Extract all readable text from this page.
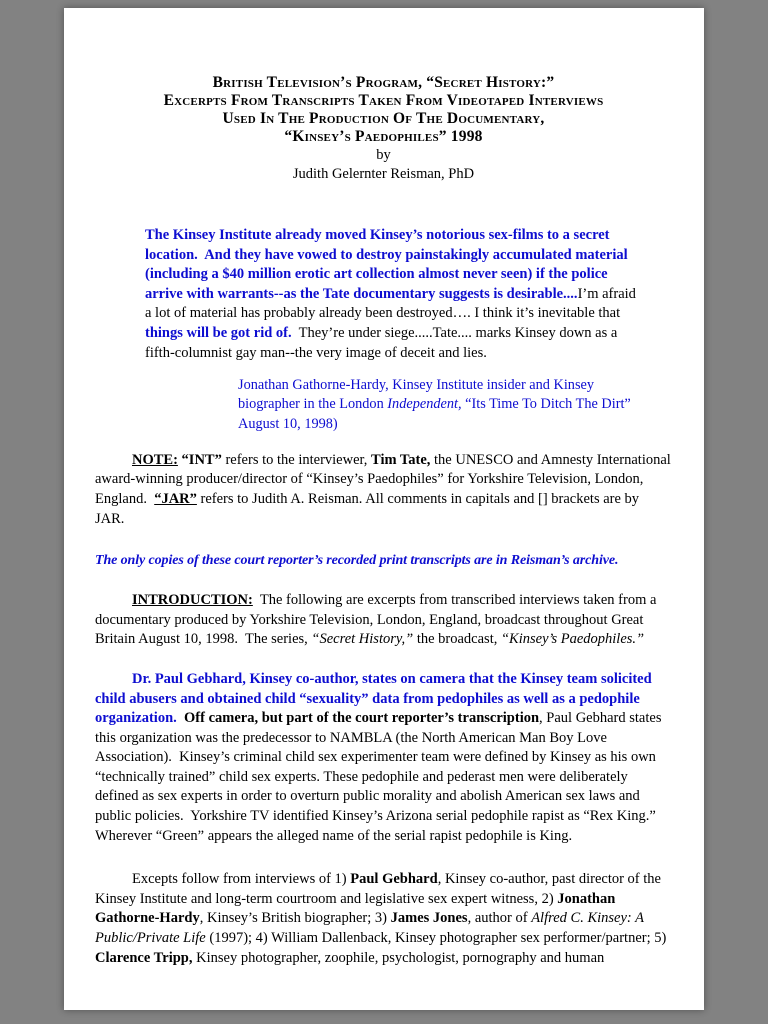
British Television’s Program, “Secret History:”
Excerpts From Transcripts Taken From Videotaped Interviews
Used In The Production Of The Documentary,
“Kinsey’s Paedophiles” 1998
by
Judith Gelernter Reisman, PhD

The Kinsey Institute already moved Kinsey’s notorious sex-films to a secret location.  And they have vowed to destroy painstakingly accumulated material (including a $40 million erotic art collection almost never seen) if the police arrive with warrants--as the Tate documentary suggests is desirable....I’m afraid a lot of material has probably already been destroyed…. I think it’s inevitable that things will be got rid of.  They’re under siege.....Tate.... marks Kinsey down as a fifth-columnist gay man--the very image of deceit and lies.

Jonathan Gathorne-Hardy, Kinsey Institute insider and Kinsey biographer in the London Independent, “Its Time To Ditch The Dirt” August 10, 1998)

NOTE: “INT” refers to the interviewer, Tim Tate, the UNESCO and Amnesty International award-winning producer/director of “Kinsey’s Paedophiles” for Yorkshire Television, London, England.  “JAR” refers to Judith A. Reisman. All comments in capitals and [] brackets are by JAR.

The only copies of these court reporter’s recorded print transcripts are in Reisman’s archive.

INTRODUCTION:  The following are excerpts from transcribed interviews taken from a documentary produced by Yorkshire Television, London, England, broadcast throughout Great Britain August 10, 1998.  The series, “Secret History,” the broadcast, “Kinsey’s Paedophiles.”

Dr. Paul Gebhard, Kinsey co-author, states on camera that the Kinsey team solicited child abusers and obtained child “sexuality” data from pedophiles as well as a pedophile organization.  Off camera, but part of the court reporter’s transcription, Paul Gebhard states this organization was the predecessor to NAMBLA (the North American Man Boy Love Association).  Kinsey’s criminal child sex experimenter team were defined by Kinsey as his own “technically trained” child sex experts. These pedophile and pederast men were deliberately defined as sex experts in order to overturn public morality and abolish American sex laws and public policies.  Yorkshire TV identified Kinsey’s Arizona serial pedophile rapist as “Rex King.” Wherever “Green” appears the alleged name of the serial rapist pedophile is King.

Excepts follow from interviews of 1) Paul Gebhard, Kinsey co-author, past director of the Kinsey Institute and long-term courtroom and legislative sex expert witness, 2) Jonathan Gathorne-Hardy, Kinsey’s British biographer; 3) James Jones, author of Alfred C. Kinsey: A Public/Private Life (1997); 4) William Dallenback, Kinsey photographer sex performer/partner; 5) Clarence Tripp, Kinsey photographer, zoophile, psychologist, pornography and human
